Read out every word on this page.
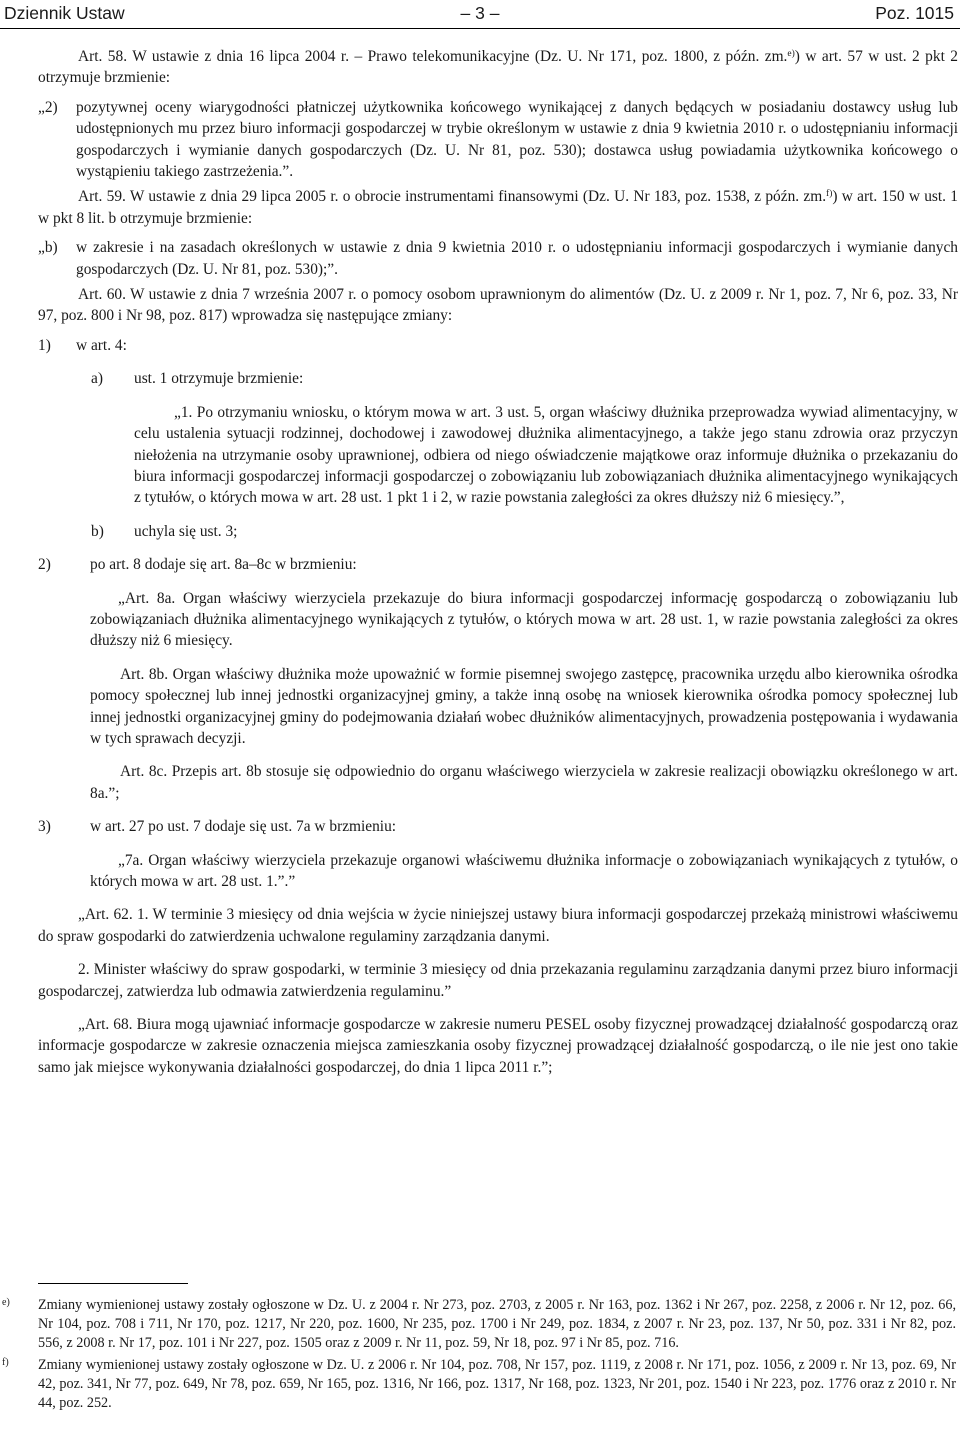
Dziennik Ustaw	– 3 –	Poz. 1015

Art. 58. W ustawie z dnia 16 lipca 2004 r. – Prawo telekomunikacyjne (Dz. U. Nr 171, poz. 1800, z późn. zm.$^{e)}$) w art. 57 w ust. 2 pkt 2 otrzymuje brzmienie:

„2) pozytywnej oceny wiarygodności płatniczej użytkownika końcowego wynikającej z danych będących w posiadaniu dostawcy usług lub udostępnionych mu przez biuro informacji gospodarczej w trybie określonym w ustawie z dnia 9 kwietnia 2010 r. o udostępnianiu informacji gospodarczych i wymianie danych gospodarczych (Dz. U. Nr 81, poz. 530); dostawca usług powiadamia użytkownika końcowego o wystąpieniu takiego zastrzeżenia.”.

Art. 59. W ustawie z dnia 29 lipca 2005 r. o obrocie instrumentami finansowymi (Dz. U. Nr 183, poz. 1538, z późn. zm.$^{f)}$) w art. 150 w ust. 1 w pkt 8 lit. b otrzymuje brzmienie:

„b) w zakresie i na zasadach określonych w ustawie z dnia 9 kwietnia 2010 r. o udostępnianiu informacji gospodarczych i wymianie danych gospodarczych (Dz. U. Nr 81, poz. 530);”.

Art. 60. W ustawie z dnia 7 września 2007 r. o pomocy osobom uprawnionym do alimentów (Dz. U. z 2009 r. Nr 1, poz. 7, Nr 6, poz. 33, Nr 97, poz. 800 i Nr 98, poz. 817) wprowadza się następujące zmiany:

1) w art. 4:

a) ust. 1 otrzymuje brzmienie:

„1. Po otrzymaniu wniosku, o którym mowa w art. 3 ust. 5, organ właściwy dłużnika przeprowadza wywiad alimentacyjny, w celu ustalenia sytuacji rodzinnej, dochodowej i zawodowej dłużnika alimentacyjnego, a także jego stanu zdrowia oraz przyczyn niełożenia na utrzymanie osoby uprawnionej, odbiera od niego oświadczenie majątkowe oraz informuje dłużnika o przekazaniu do biura informacji gospodarczej informacji gospodarczej o zobowiązaniu lub zobowiązaniach dłużnika alimentacyjnego wynikających z tytułów, o których mowa w art. 28 ust. 1 pkt 1 i 2, w razie powstania zaległości za okres dłuższy niż 6 miesięcy.”,

b) uchyla się ust. 3;

2)	po art. 8 dodaje się art. 8a–8c w brzmieniu:

„Art. 8a. Organ właściwy wierzyciela przekazuje do biura informacji gospodarczej informację gospodarczą o zobowiązaniu lub zobowiązaniach dłużnika alimentacyjnego wynikających z tytułów, o których mowa w art. 28 ust. 1, w razie powstania zaległości za okres dłuższy niż 6 miesięcy.

Art. 8b. Organ właściwy dłużnika może upoważnić w formie pisemnej swojego zastępcę, pracownika urzędu albo kierownika ośrodka pomocy społecznej lub innej jednostki organizacyjnej gminy, a także inną osobę na wniosek kierownika ośrodka pomocy społecznej lub innej jednostki organizacyjnej gminy do podejmowania działań wobec dłużników alimentacyjnych, prowadzenia postępowania i wydawania w tych sprawach decyzji.

Art. 8c. Przepis art. 8b stosuje się odpowiednio do organu właściwego wierzyciela w zakresie realizacji obowiązku określonego w art. 8a.”;

3)	w art. 27 po ust. 7 dodaje się ust. 7a w brzmieniu:

„7a. Organ właściwy wierzyciela przekazuje organowi właściwemu dłużnika informacje o zobowiązaniach wynikających z tytułów, o których mowa w art. 28 ust. 1.”.”

„Art. 62. 1. W terminie 3 miesięcy od dnia wejścia w życie niniejszej ustawy biura informacji gospodarczej przekażą ministrowi właściwemu do spraw gospodarki do zatwierdzenia uchwalone regulaminy zarządzania danymi.

2. Minister właściwy do spraw gospodarki, w terminie 3 miesięcy od dnia przekazania regulaminu zarządzania danymi przez biuro informacji gospodarczej, zatwierdza lub odmawia zatwierdzenia regulaminu.”

„Art. 68. Biura mogą ujawniać informacje gospodarcze w zakresie numeru PESEL osoby fizycznej prowadzącej działalność gospodarczą oraz informacje gospodarcze w zakresie oznaczenia miejsca zamieszkania osoby fizycznej prowadzącej działalność gospodarczą, o ile nie jest ono takie samo jak miejsce wykonywania działalności gospodarczej, do dnia 1 lipca 2011 r.”;

e) Zmiany wymienionej ustawy zostały ogłoszone w Dz. U. z 2004 r. Nr 273, poz. 2703, z 2005 r. Nr 163, poz. 1362 i Nr 267, poz. 2258, z 2006 r. Nr 12, poz. 66, Nr 104, poz. 708 i 711, Nr 170, poz. 1217, Nr 220, poz. 1600, Nr 235, poz. 1700 i Nr 249, poz. 1834, z 2007 r. Nr 23, poz. 137, Nr 50, poz. 331 i Nr 82, poz. 556, z 2008 r. Nr 17, poz. 101 i Nr 227, poz. 1505 oraz z 2009 r. Nr 11, poz. 59, Nr 18, poz. 97 i Nr 85, poz. 716.

f) Zmiany wymienionej ustawy zostały ogłoszone w Dz. U. z 2006 r. Nr 104, poz. 708, Nr 157, poz. 1119, z 2008 r. Nr 171, poz. 1056, z 2009 r. Nr 13, poz. 69, Nr 42, poz. 341, Nr 77, poz. 649, Nr 78, poz. 659, Nr 165, poz. 1316, Nr 166, poz. 1317, Nr 168, poz. 1323, Nr 201, poz. 1540 i Nr 223, poz. 1776 oraz z 2010 r. Nr 44, poz. 252.
